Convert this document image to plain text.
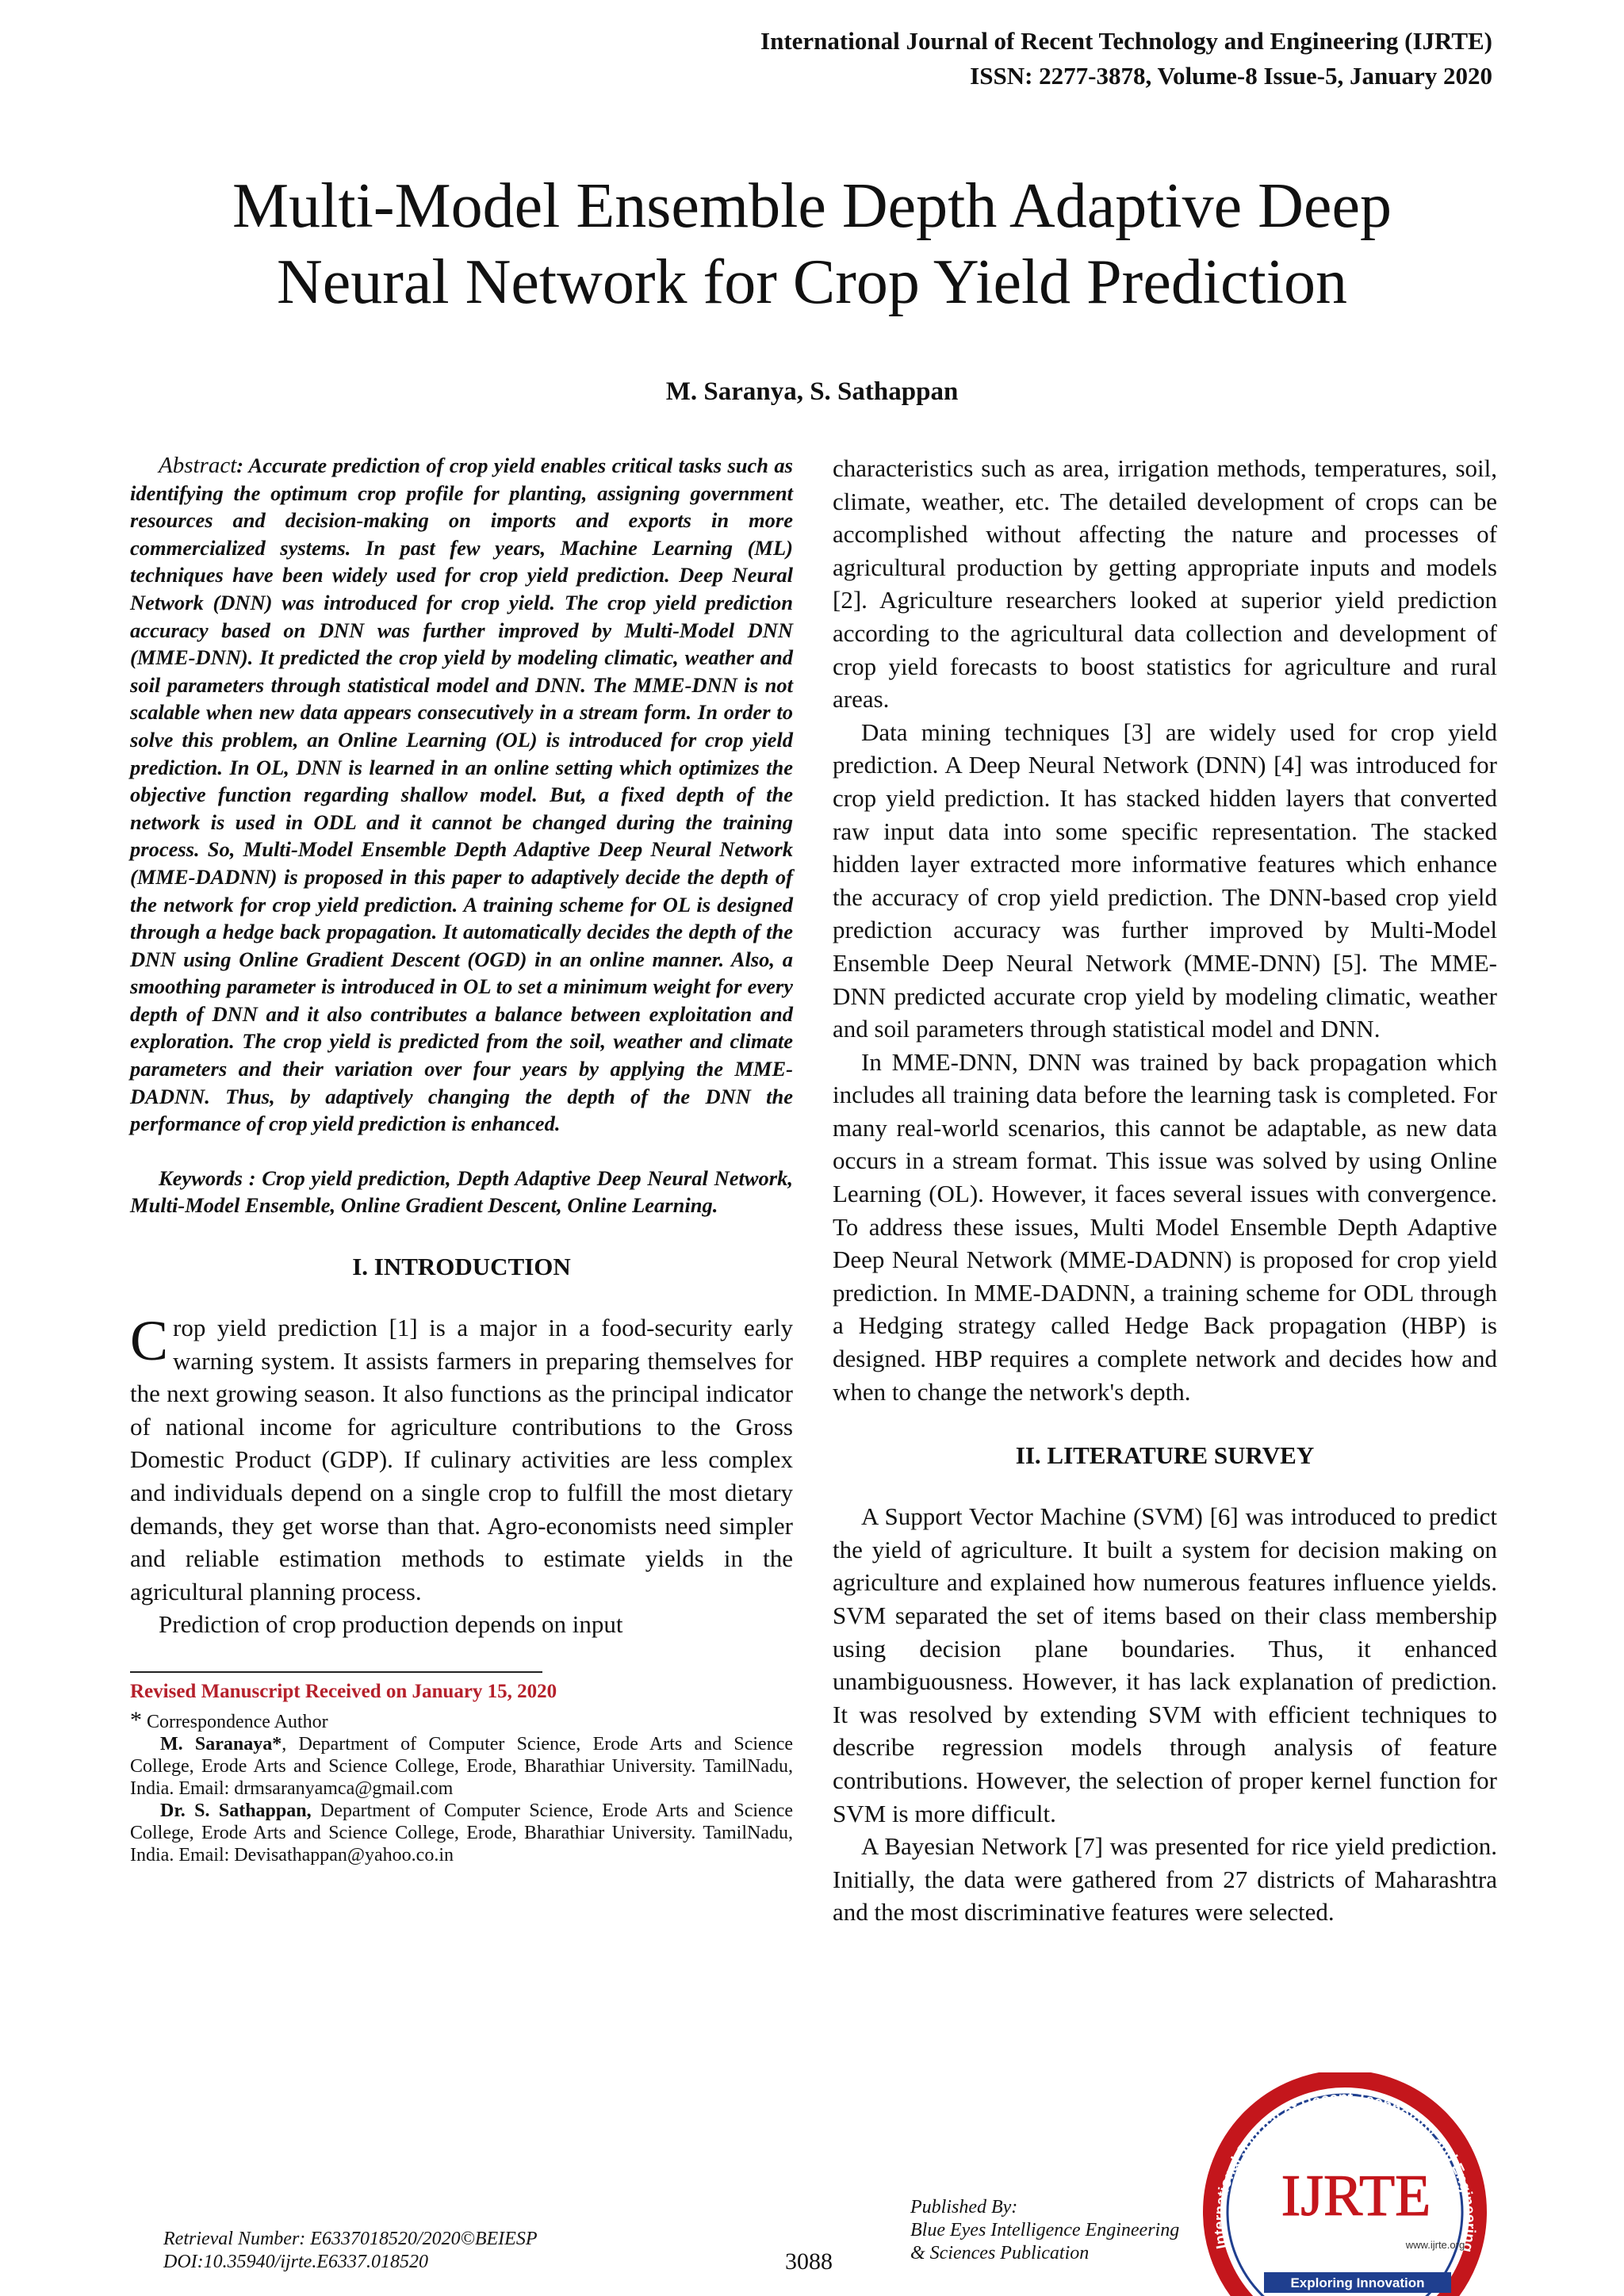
International Journal of Recent Technology and Engineering (IJRTE)
ISSN: 2277-3878, Volume-8 Issue-5, January 2020
Multi-Model Ensemble Depth Adaptive Deep
Neural Network for Crop Yield Prediction
M. Saranya, S. Sathappan

Abstract: Accurate prediction of crop yield enables critical tasks such as identifying the optimum crop profile for planting, assigning government resources and decision-making on imports and exports in more commercialized systems. In past few years, Machine Learning (ML) techniques have been widely used for crop yield prediction. Deep Neural Network (DNN) was introduced for crop yield. The crop yield prediction accuracy based on DNN was further improved by Multi-Model DNN (MME-DNN). It predicted the crop yield by modeling climatic, weather and soil parameters through statistical model and DNN. The MME-DNN is not scalable when new data appears consecutively in a stream form. In order to solve this problem, an Online Learning (OL) is introduced for crop yield prediction. In OL, DNN is learned in an online setting which optimizes the objective function regarding shallow model. But, a fixed depth of the network is used in ODL and it cannot be changed during the training process. So, Multi-Model Ensemble Depth Adaptive Deep Neural Network (MME-DADNN) is proposed in this paper to adaptively decide the depth of the network for crop yield prediction. A training scheme for OL is designed through a hedge back propagation. It automatically decides the depth of the DNN using Online Gradient Descent (OGD) in an online manner. Also, a smoothing parameter is introduced in OL to set a minimum weight for every depth of DNN and it also contributes a balance between exploitation and exploration. The crop yield is predicted from the soil, weather and climate parameters and their variation over four years by applying the MME-DADNN. Thus, by adaptively changing the depth of the DNN the performance of crop yield prediction is enhanced.

Keywords : Crop yield prediction, Depth Adaptive Deep Neural Network, Multi-Model Ensemble, Online Gradient Descent, Online Learning.

I. INTRODUCTION

Crop yield prediction [1] is a major in a food-security early warning system. It assists farmers in preparing themselves for the next growing season. It also functions as the principal indicator of national income for agriculture contributions to the Gross Domestic Product (GDP). If culinary activities are less complex and individuals depend on a single crop to fulfill the most dietary demands, they get worse than that. Agro-economists need simpler and reliable estimation methods to estimate yields in the agricultural planning process.

Prediction of crop production depends on input

Revised Manuscript Received on January 15, 2020

* Correspondence Author

M. Saranaya*, Department of Computer Science, Erode Arts and Science College, Erode Arts and Science College, Erode, Bharathiar University. TamilNadu, India. Email: drmsaranyamca@gmail.com

Dr. S. Sathappan, Department of Computer Science, Erode Arts and Science College, Erode Arts and Science College, Erode, Bharathiar University. TamilNadu, India. Email: Devisathappan@yahoo.co.in

characteristics such as area, irrigation methods, temperatures, soil, climate, weather, etc. The detailed development of crops can be accomplished without affecting the nature and processes of agricultural production by getting appropriate inputs and models [2]. Agriculture researchers looked at superior yield prediction according to the agricultural data collection and development of crop yield forecasts to boost statistics for agriculture and rural areas.

Data mining techniques [3] are widely used for crop yield prediction. A Deep Neural Network (DNN) [4] was introduced for crop yield prediction. It has stacked hidden layers that converted raw input data into some specific representation. The stacked hidden layer extracted more informative features which enhance the accuracy of crop yield prediction. The DNN-based crop yield prediction accuracy was further improved by Multi-Model Ensemble Deep Neural Network (MME-DNN) [5]. The MME-DNN predicted accurate crop yield by modeling climatic, weather and soil parameters through statistical model and DNN.

In MME-DNN, DNN was trained by back propagation which includes all training data before the learning task is completed. For many real-world scenarios, this cannot be adaptable, as new data occurs in a stream format. This issue was solved by using Online Learning (OL). However, it faces several issues with convergence. To address these issues, Multi Model Ensemble Depth Adaptive Deep Neural Network (MME-DADNN) is proposed for crop yield prediction. In MME-DADNN, a training scheme for ODL through a Hedging strategy called Hedge Back propagation (HBP) is designed. HBP requires a complete network and decides how and when to change the network's depth.

II. LITERATURE SURVEY

A Support Vector Machine (SVM) [6] was introduced to predict the yield of agriculture. It built a system for decision making on agriculture and explained how numerous features influence yields. SVM separated the set of items based on their class membership using decision plane boundaries. Thus, it enhanced unambiguousness. However, it has lack explanation of prediction. It was resolved by extending SVM with efficient techniques to describe regression models through analysis of feature contributions. However, the selection of proper kernel function for SVM is more difficult.

A Bayesian Network [7] was presented for rice yield prediction. Initially, the data were gathered from 27 districts of Maharashtra and the most discriminative features were selected.

Retrieval Number: E6337018520/2020©BEIESP
DOI:10.35940/ijrte.E6337.018520	3088
Published By:
Blue Eyes Intelligence Engineering
& Sciences Publication	International Journal of Recent Technology and Engineering
IJRTE
www.ijrte.org
Exploring Innovation
